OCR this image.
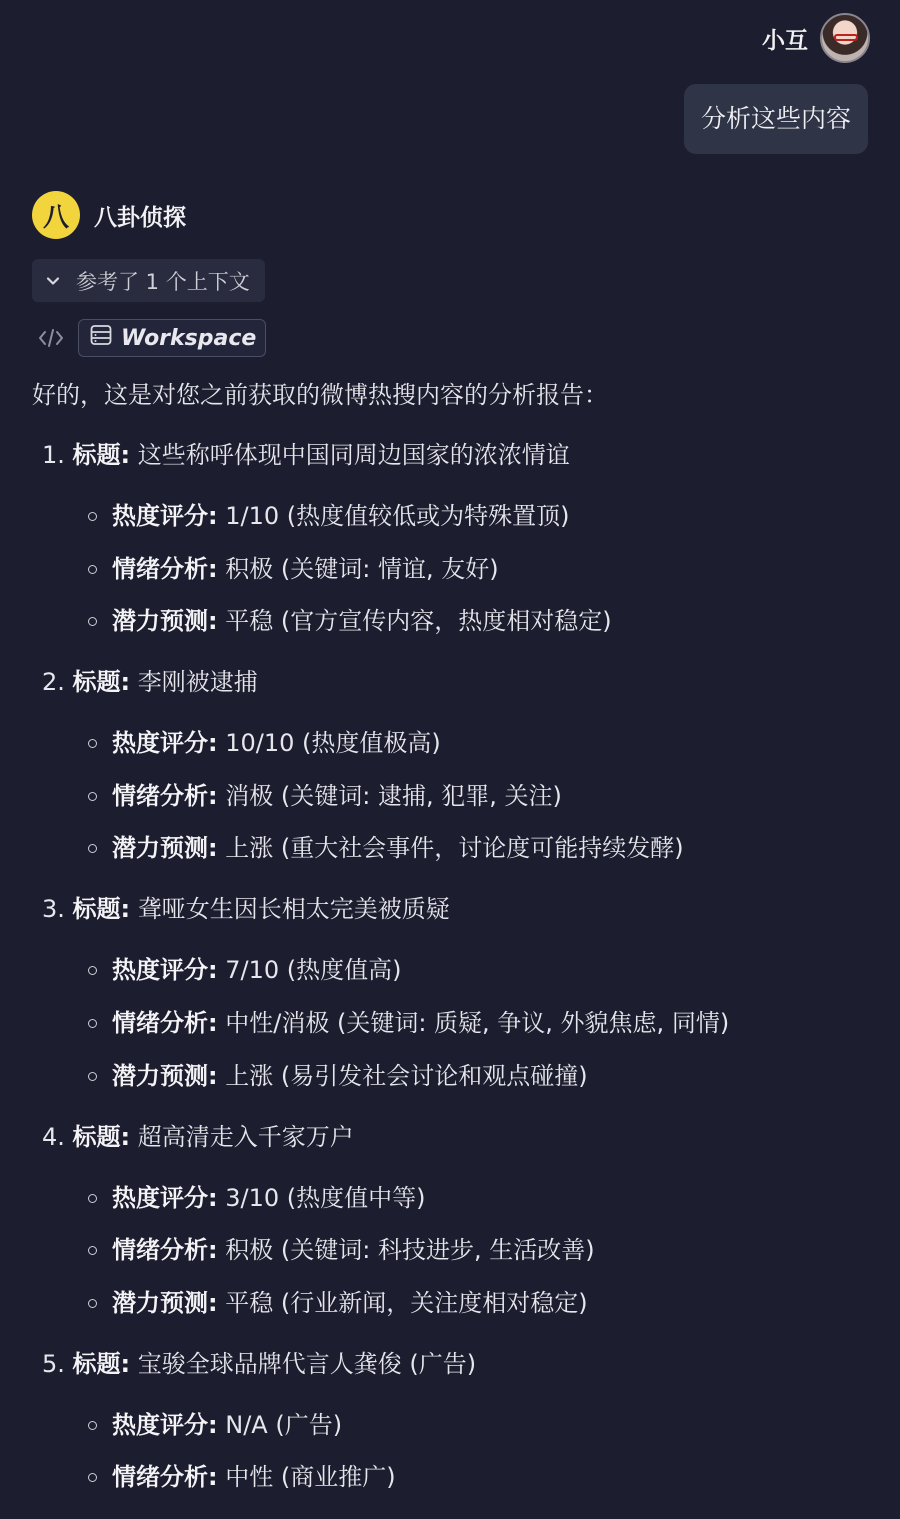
小互
分析这些内容
八	八卦侦探
参考了 1 个上下文
Workspace
好的，这是对您之前获取的微博热搜内容的分析报告：
1. 标题: 这些称呼体现中国同周边国家的浓浓情谊
热度评分: 1/10 (热度值较低或为特殊置顶)
情绪分析: 积极 (关键词: 情谊, 友好)
潜力预测: 平稳 (官方宣传内容，热度相对稳定)
2. 标题: 李刚被逮捕
热度评分: 10/10 (热度值极高)
情绪分析: 消极 (关键词: 逮捕, 犯罪, 关注)
潜力预测: 上涨 (重大社会事件，讨论度可能持续发酵)
3. 标题: 聋哑女生因长相太完美被质疑
热度评分: 7/10 (热度值高)
情绪分析: 中性/消极 (关键词: 质疑, 争议, 外貌焦虑, 同情)
潜力预测: 上涨 (易引发社会讨论和观点碰撞)
4. 标题: 超高清走入千家万户
热度评分: 3/10 (热度值中等)
情绪分析: 积极 (关键词: 科技进步, 生活改善)
潜力预测: 平稳 (行业新闻，关注度相对稳定)
5. 标题: 宝骏全球品牌代言人龚俊 (广告)
热度评分: N/A (广告)
情绪分析: 中性 (商业推广)
